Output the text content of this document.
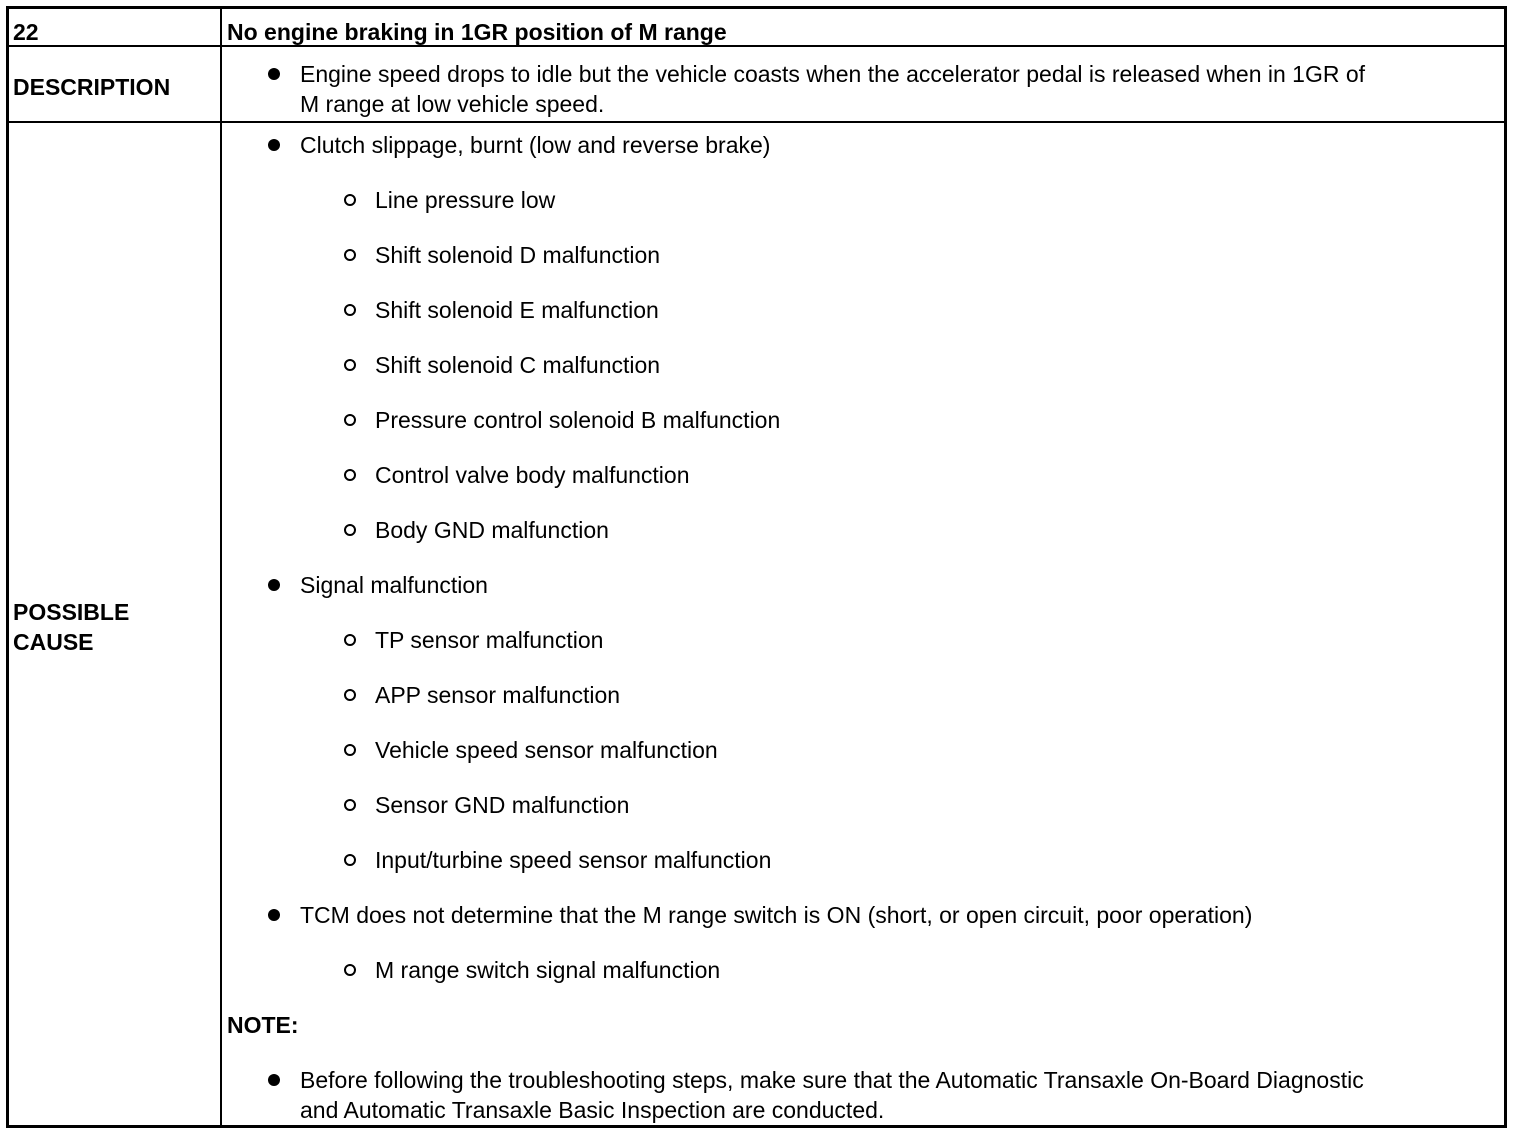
22	No engine braking in 1GR position of M range
DESCRIPTION	Engine speed drops to idle but the vehicle coasts when the accelerator pedal is released when in 1GR of
M range at low vehicle speed.
POSSIBLE
CAUSE
Clutch slippage, burnt (low and reverse brake)
Line pressure low
Shift solenoid D malfunction
Shift solenoid E malfunction
Shift solenoid C malfunction
Pressure control solenoid B malfunction
Control valve body malfunction
Body GND malfunction
Signal malfunction
TP sensor malfunction
APP sensor malfunction
Vehicle speed sensor malfunction
Sensor GND malfunction
Input/turbine speed sensor malfunction
TCM does not determine that the M range switch is ON (short, or open circuit, poor operation)
M range switch signal malfunction
NOTE:
Before following the troubleshooting steps, make sure that the Automatic Transaxle On-Board Diagnostic
and Automatic Transaxle Basic Inspection are conducted.
